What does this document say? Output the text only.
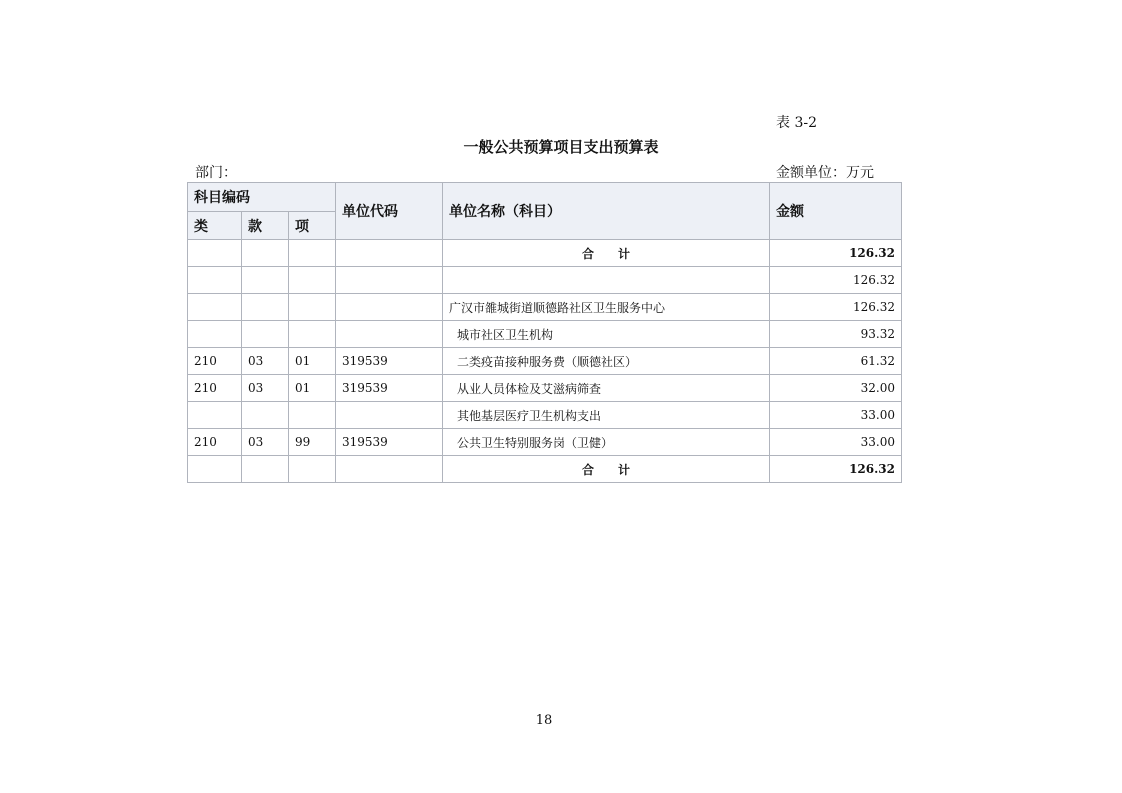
表 3-2
一般公共预算项目支出预算表
部门：	金额单位：万元
科目编码			单位代码	单位名称（科目）	金额
类	款	项			
				合　　计	126.32
					126.32
				广汉市雒城街道顺德路社区卫生服务中心	126.32
				城市社区卫生机构	93.32
210	03	01	319539	二类疫苗接种服务费（顺德社区）	61.32
210	03	01	319539	从业人员体检及艾滋病筛查	32.00
				其他基层医疗卫生机构支出	33.00
210	03	99	319539	公共卫生特别服务岗（卫健）	33.00
				合　　计	126.32
18
